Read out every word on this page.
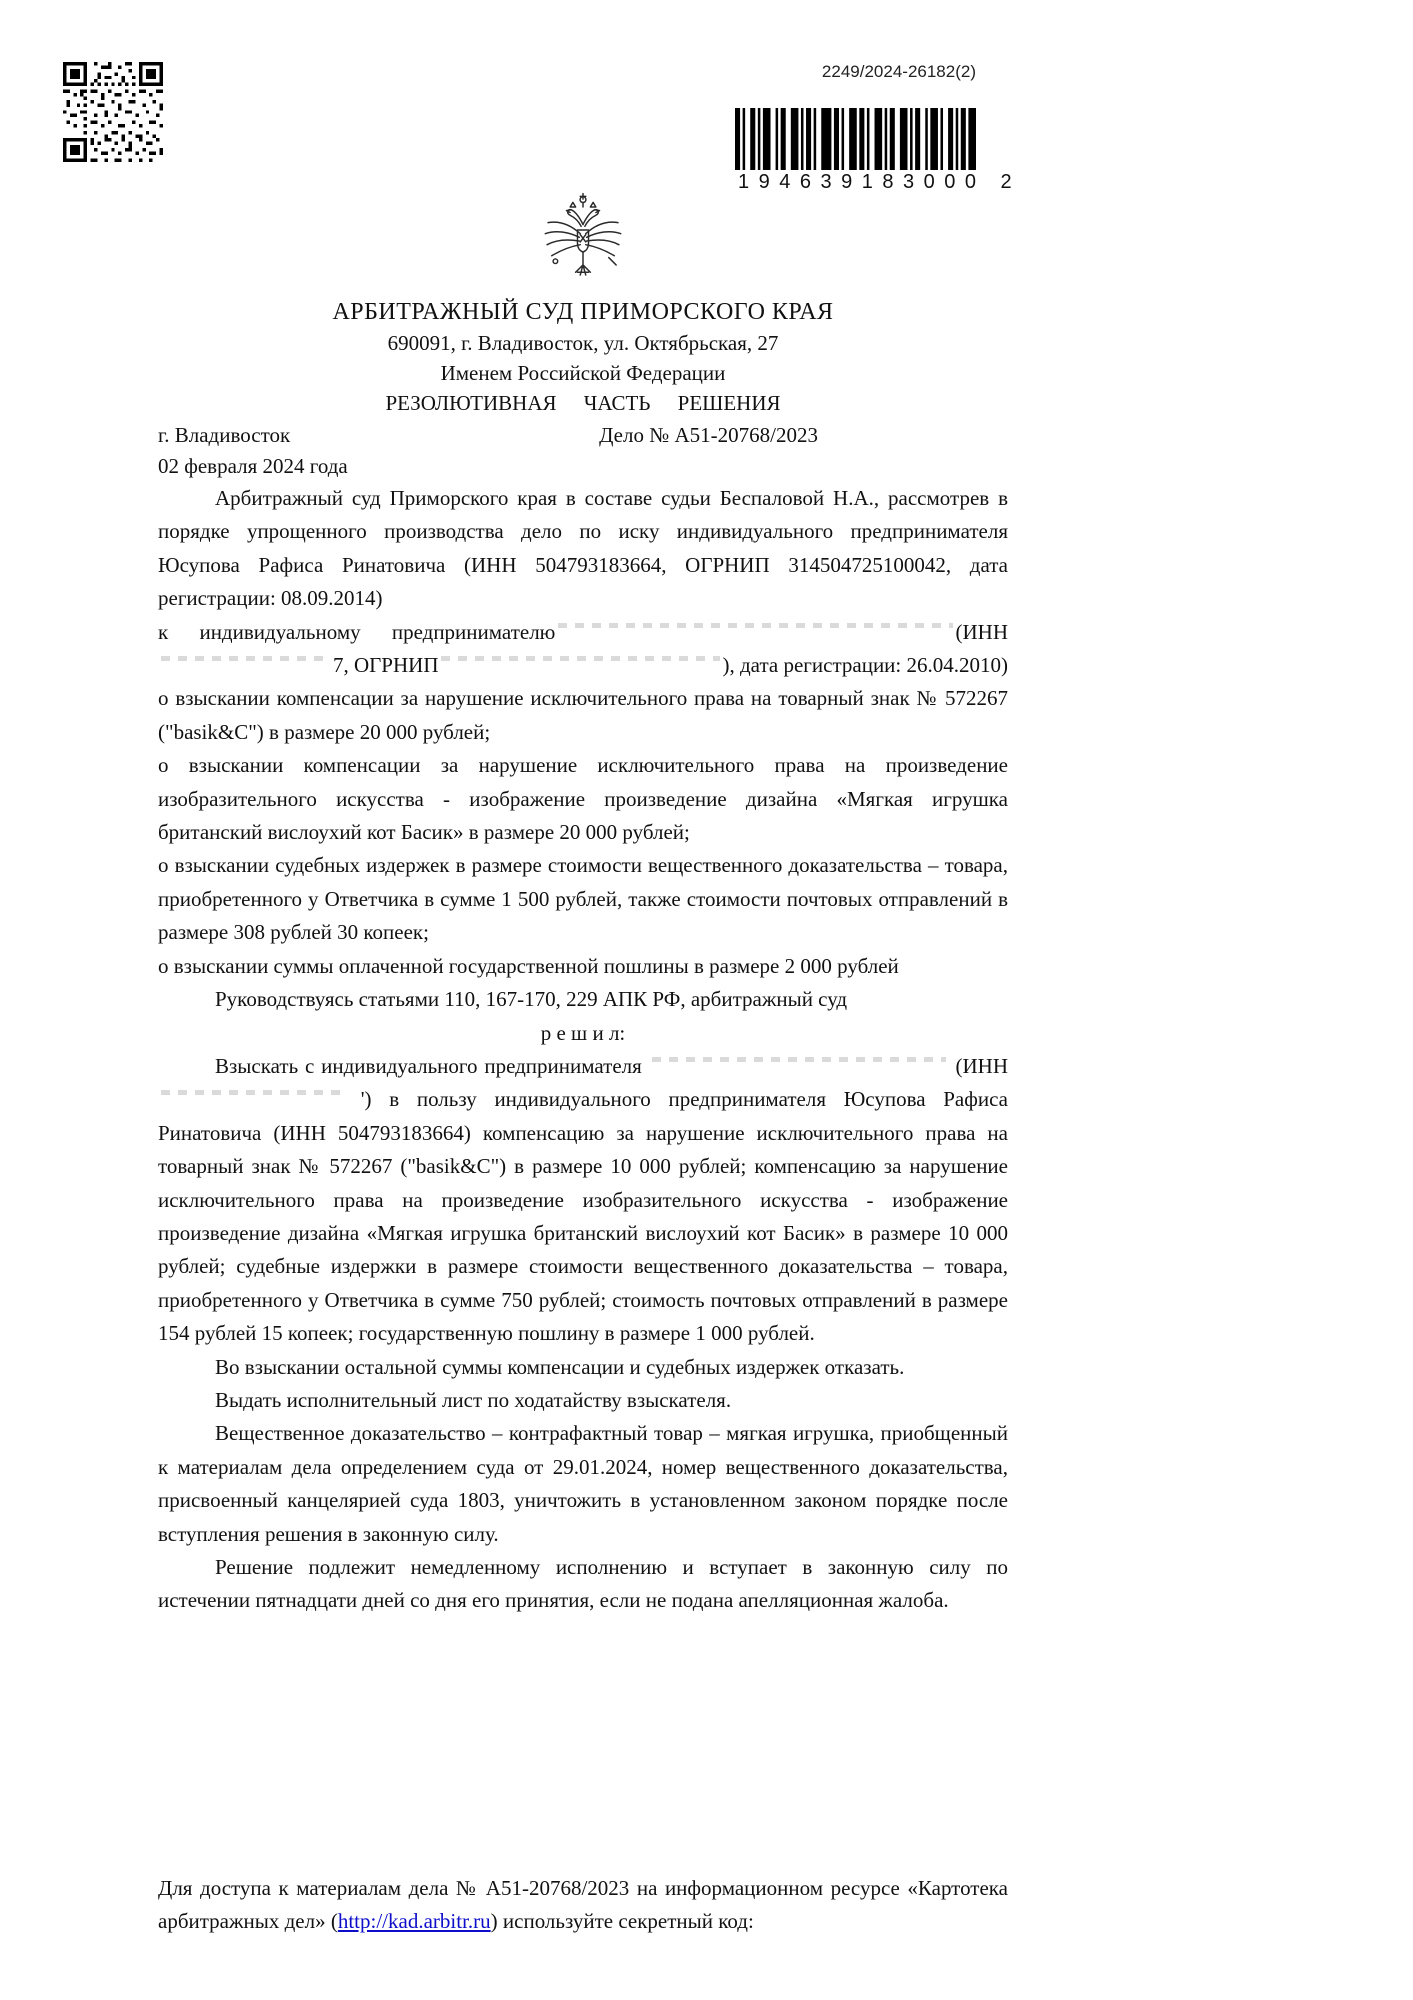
2249/2024-26182(2)
194639183000 2

АРБИТРАЖНЫЙ СУД ПРИМОРСКОГО КРАЯ

690091, г. Владивосток, ул. Октябрьская, 27

Именем Российской Федерации

РЕЗОЛЮТИВНАЯ ЧАСТЬ РЕШЕНИЯ

г. Владивосток	Дело № А51-20768/2023
02 февраля 2024 года

Арбитражный суд Приморского края в составе судьи Беспаловой Н.А., рассмотрев в порядке упрощенного производства дело по иску индивидуального предпринимателя Юсупова Рафиса Ринатовича (ИНН 504793183664, ОГРНИП 314504725100042, дата регистрации: 08.09.2014)

к индивидуальному предпринимателю	(ИНН
7, ОГРНИП	), дата регистрации: 26.04.2010)

о взыскании компенсации за нарушение исключительного права на товарный знак № 572267 ("basik&C") в размере 20 000 рублей;

о взыскании компенсации за нарушение исключительного права на произведение изобразительного искусства - изображение произведение дизайна «Мягкая игрушка британский вислоухий кот Басик» в размере 20 000 рублей;

о взыскании судебных издержек в размере стоимости вещественного доказательства – товара, приобретенного у Ответчика в сумме 1 500 рублей, также стоимости почтовых отправлений в размере 308 рублей 30 копеек;

о взыскании суммы оплаченной государственной пошлины в размере 2 000 рублей

Руководствуясь статьями 110, 167-170, 229 АПК РФ, арбитражный суд

р е ш и л:

Взыскать с индивидуального предпринимателя	(ИНН  ') в пользу индивидуального предпринимателя Юсупова Рафиса Ринатовича (ИНН 504793183664) компенсацию за нарушение исключительного права на товарный знак № 572267 ("basik&C") в размере 10 000 рублей; компенсацию за нарушение исключительного права на произведение изобразительного искусства - изображение произведение дизайна «Мягкая игрушка британский вислоухий кот Басик» в размере 10 000 рублей; судебные издержки в размере стоимости вещественного доказательства – товара, приобретенного у Ответчика в сумме 750 рублей; стоимость почтовых отправлений в размере 154 рублей 15 копеек; государственную пошлину в размере 1 000 рублей.

Во взыскании остальной суммы компенсации и судебных издержек отказать.

Выдать исполнительный лист по ходатайству взыскателя.

Вещественное доказательство – контрафактный товар – мягкая игрушка, приобщенный к материалам дела определением суда от 29.01.2024, номер вещественного доказательства, присвоенный канцелярией суда 1803, уничтожить в установленном законом порядке после вступления решения в законную силу.

Решение подлежит немедленному исполнению и вступает в законную силу по истечении пятнадцати дней со дня его принятия, если не подана апелляционная жалоба.

Для доступа к материалам дела № А51-20768/2023 на информационном ресурсе «Картотека арбитражных дел» (http://kad.arbitr.ru) используйте секретный код:
